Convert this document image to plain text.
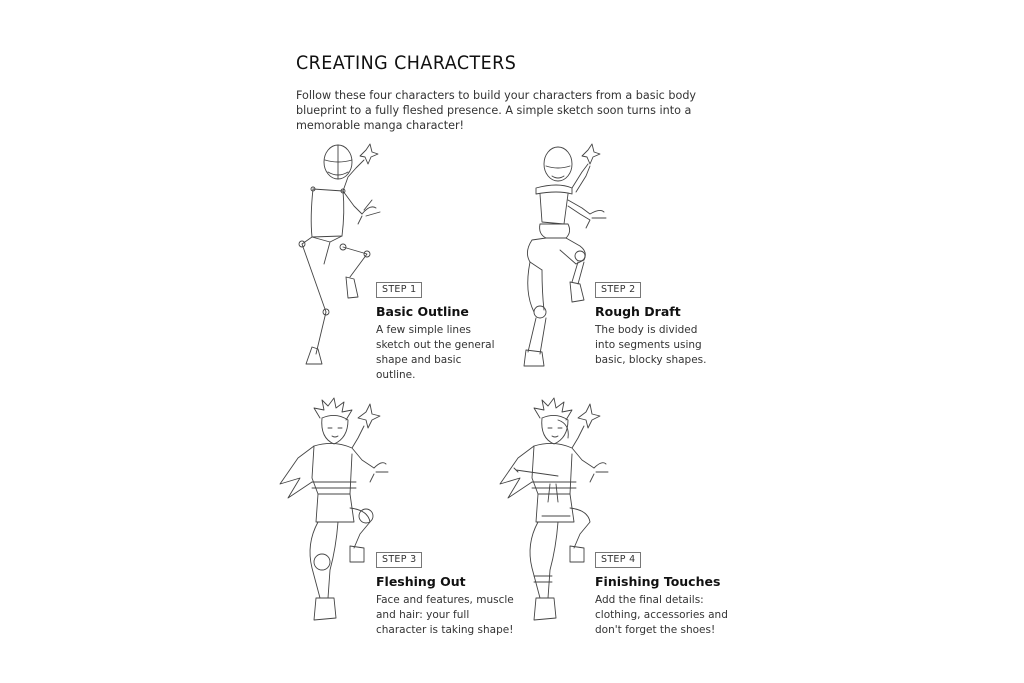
CREATING CHARACTERS
Follow these four characters to build your characters from a basic body blueprint to a fully fleshed presence. A simple sketch soon turns into a memorable manga character!
STEP 1
Basic Outline
A few simple lines sketch out the general shape and basic outline.
STEP 2
Rough Draft
The body is divided into segments using basic, blocky shapes.
STEP 3
Fleshing Out
Face and features, muscle and hair: your full character is taking shape!
STEP 4
Finishing Touches
Add the final details: clothing, accessories and don't forget the shoes!
